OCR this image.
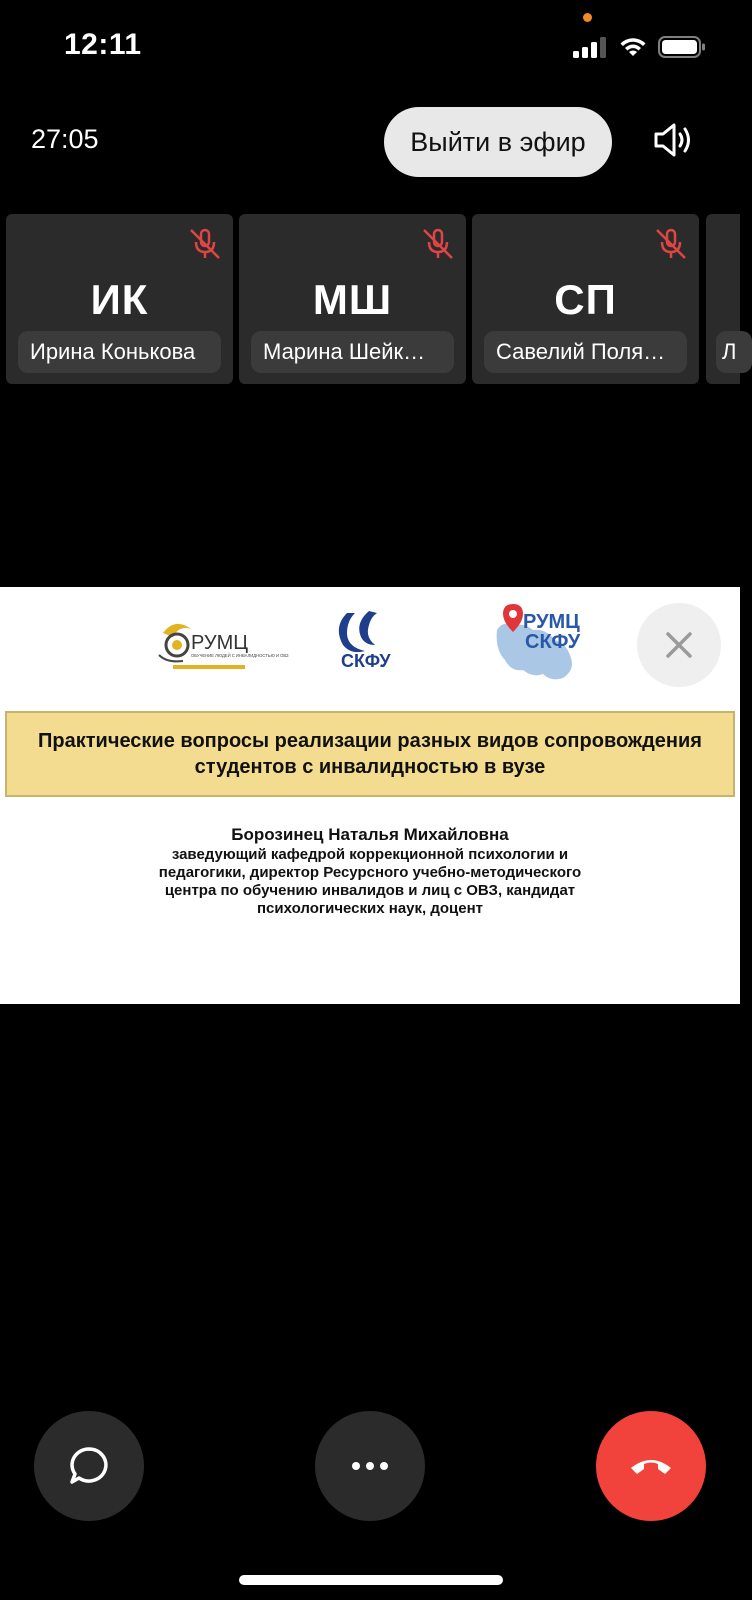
12:11
27:05	Выйти в эфир
ИК
Ирина Конькова
МШ
Марина Шейк…
СП
Савелий Поля…	Л
РУМЦ
ОБУЧЕНИЕ ЛЮДЕЙ С ИНВАЛИДНОСТЬЮ И ОВЗ	СКФУ
РУМЦ
СКФУ
Практические вопросы реализации разных видов сопровождения
студентов с инвалидностью в вузе
Борозинец Наталья Михайловна
заведующий кафедрой коррекционной психологии и
педагогики, директор Ресурсного учебно-методического
центра по обучению инвалидов и лиц с ОВЗ, кандидат
психологических наук, доцент
